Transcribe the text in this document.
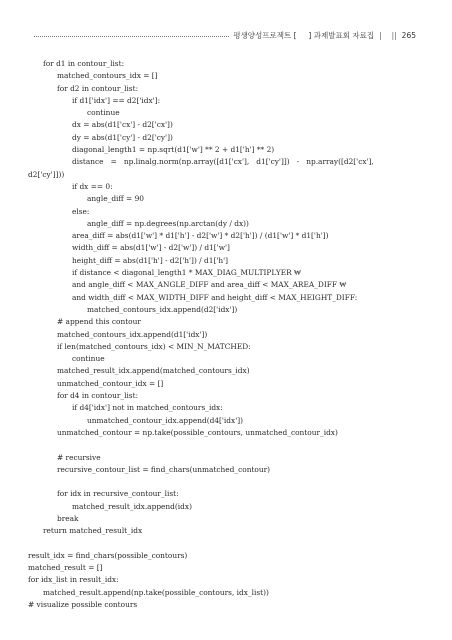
평생양성프로젝트 [     ] 과제발표회 자료집 | || 265
for d1 in contour_list:
matched_contours_idx = []
for d2 in contour_list:
if d1['idx'] == d2['idx']:
continue
dx = abs(d1['cx'] - d2['cx'])
dy = abs(d1['cy'] - d2['cy'])
diagonal_length1 = np.sqrt(d1['w'] ** 2 + d1['h'] ** 2)
distance   =   np.linalg.norm(np.array([d1['cx'],   d1['cy']])   -   np.array([d2['cx'],
d2['cy']]))
if dx == 0:
angle_diff = 90
else:
angle_diff = np.degrees(np.arctan(dy / dx))
area_diff = abs(d1['w'] * d1['h'] - d2['w'] * d2['h']) / (d1['w'] * d1['h'])
width_diff = abs(d1['w'] - d2['w']) / d1['w']
height_diff = abs(d1['h'] - d2['h']) / d1['h']
if distance < diagonal_length1 * MAX_DIAG_MULTIPLYER ₩
and angle_diff < MAX_ANGLE_DIFF and area_diff < MAX_AREA_DIFF ₩
and width_diff < MAX_WIDTH_DIFF and height_diff < MAX_HEIGHT_DIFF:
matched_contours_idx.append(d2['idx'])
# append this contour
matched_contours_idx.append(d1['idx'])
if len(matched_contours_idx) < MIN_N_MATCHED:
continue
matched_result_idx.append(matched_contours_idx)
unmatched_contour_idx = []
for d4 in contour_list:
if d4['idx'] not in matched_contours_idx:
unmatched_contour_idx.append(d4['idx'])
unmatched_contour = np.take(possible_contours, unmatched_contour_idx)
# recursive
recursive_contour_list = find_chars(unmatched_contour)
for idx in recursive_contour_list:
matched_result_idx.append(idx)
break
return matched_result_idx
result_idx = find_chars(possible_contours)
matched_result = []
for idx_list in result_idx:
matched_result.append(np.take(possible_contours, idx_list))
# visualize possible contours
